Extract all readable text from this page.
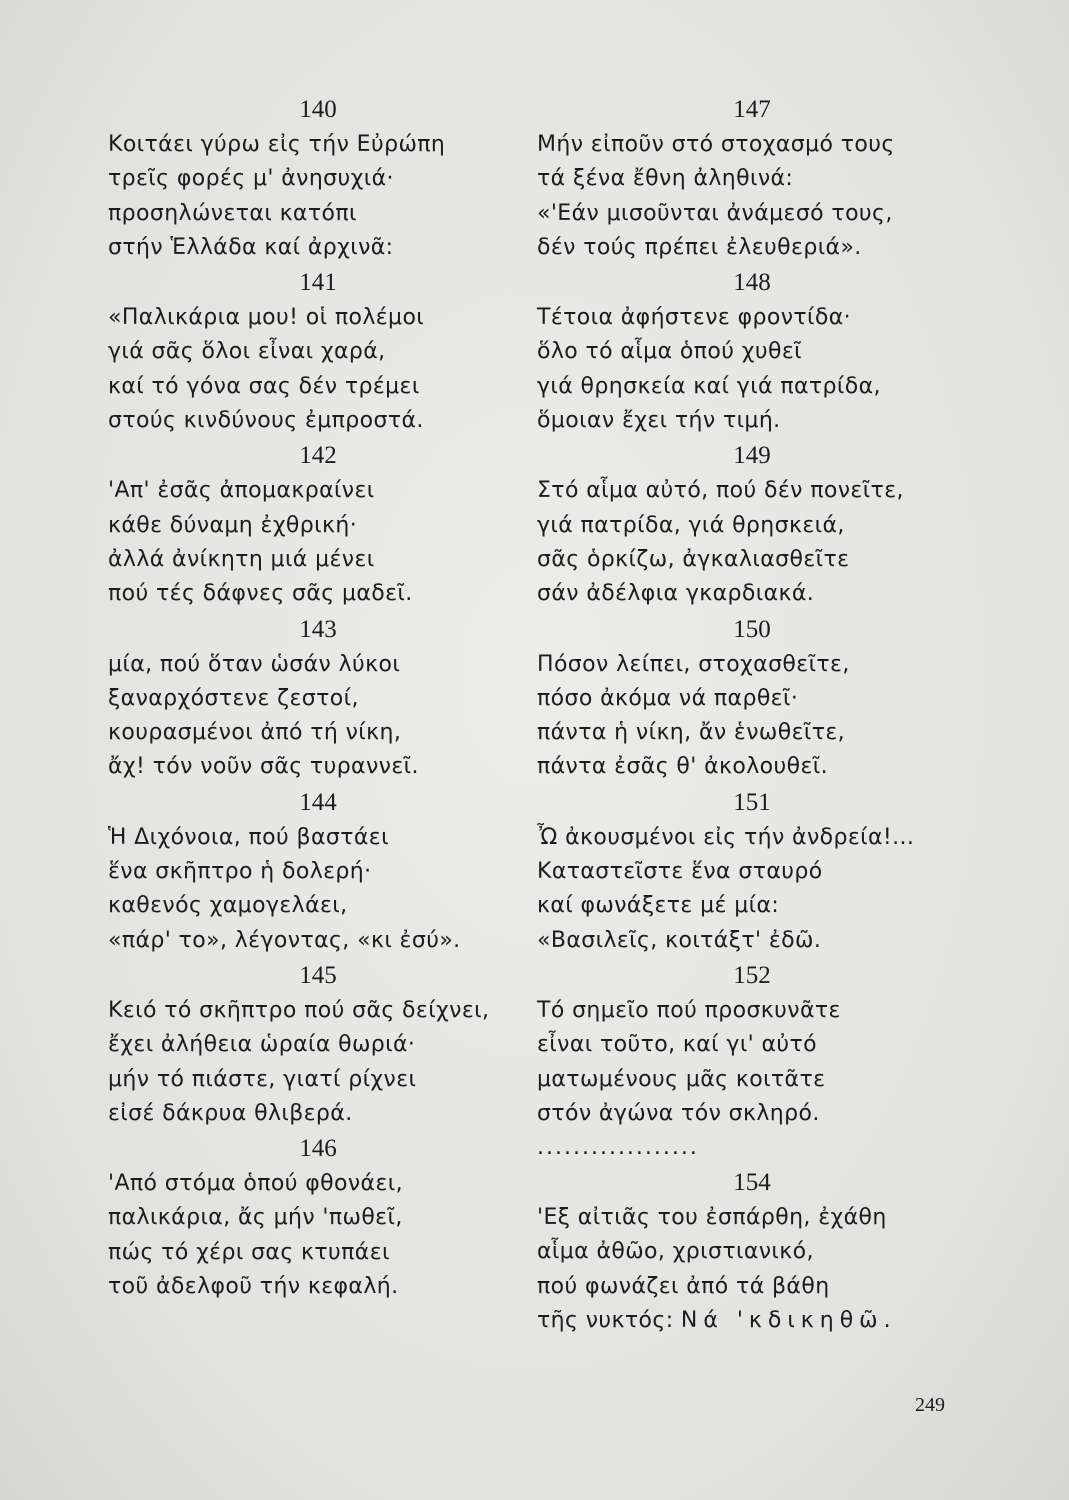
140
Κοιτάει γύρω εἰς τήν Εὐρώπη
τρεῖς φορές μ' ἀνησυχιά·
προσηλώνεται κατόπι
στήν Ἑλλάδα καί ἀρχινᾶ:
141
«Παλικάρια μου! οἱ πολέμοι
γιά σᾶς ὅλοι εἶναι χαρά,
καί τό γόνα σας δέν τρέμει
στούς κινδύνους ἐμπροστά.
142
'Απ' ἐσᾶς ἀπομακραίνει
κάθε δύναμη ἐχθρική·
ἀλλά ἀνίκητη μιά μένει
πού τές δάφνες σᾶς μαδεῖ.
143
μία, πού ὅταν ὡσάν λύκοι
ξαναρχόστενε ζεστοί,
κουρασμένοι ἀπό τή νίκη,
ἄχ! τόν νοῦν σᾶς τυραννεῖ.
144
Ἡ Διχόνοια, πού βαστάει
ἕνα σκῆπτρο ἡ δολερή·
καθενός χαμογελάει,
«πάρ' το», λέγοντας, «κι ἐσύ».
145
Κειό τό σκῆπτρο πού σᾶς δείχνει,
ἔχει ἀλήθεια ὡραία θωριά·
μήν τό πιάστε, γιατί ρίχνει
εἰσέ δάκρυα θλιβερά.
146
'Από στόμα ὁπού φθονάει,
παλικάρια, ἄς μήν 'πωθεῖ,
πώς τό χέρι σας κτυπάει
τοῦ ἀδελφοῦ τήν κεφαλή.
147
Μήν εἰποῦν στό στοχασμό τους
τά ξένα ἔθνη ἀληθινά:
«'Εάν μισοῦνται ἀνάμεσό τους,
δέν τούς πρέπει ἐλευθεριά».
148
Τέτοια ἀφήστενε φροντίδα·
ὅλο τό αἷμα ὁπού χυθεῖ
γιά θρησκεία καί γιά πατρίδα,
ὅμοιαν ἔχει τήν τιμή.
149
Στό αἷμα αὐτό, πού δέν πονεῖτε,
γιά πατρίδα, γιά θρησκειά,
σᾶς ὁρκίζω, ἀγκαλιασθεῖτε
σάν ἀδέλφια γκαρδιακά.
150
Πόσον λείπει, στοχασθεῖτε,
πόσο ἀκόμα νά παρθεῖ·
πάντα ἡ νίκη, ἄν ἑνωθεῖτε,
πάντα ἐσᾶς θ' ἀκολουθεῖ.
151
Ὦ ἀκουσμένοι εἰς τήν ἀνδρεία!...
Καταστεῖστε ἕνα σταυρό
καί φωνάξετε μέ μία:
«Βασιλεῖς, κοιτάξτ' ἐδῶ.
152
Τό σημεῖο πού προσκυνᾶτε
εἶναι τοῦτο, καί γι' αὐτό
ματωμένους μᾶς κοιτᾶτε
στόν ἀγώνα τόν σκληρό.
..................
154
'Εξ αἰτιᾶς του ἐσπάρθη, ἐχάθη
αἷμα ἀθῶο, χριστιανικό,
πού φωνάζει ἀπό τά βάθη
τῆς νυκτός: Νά 'κδικηθῶ.
249
